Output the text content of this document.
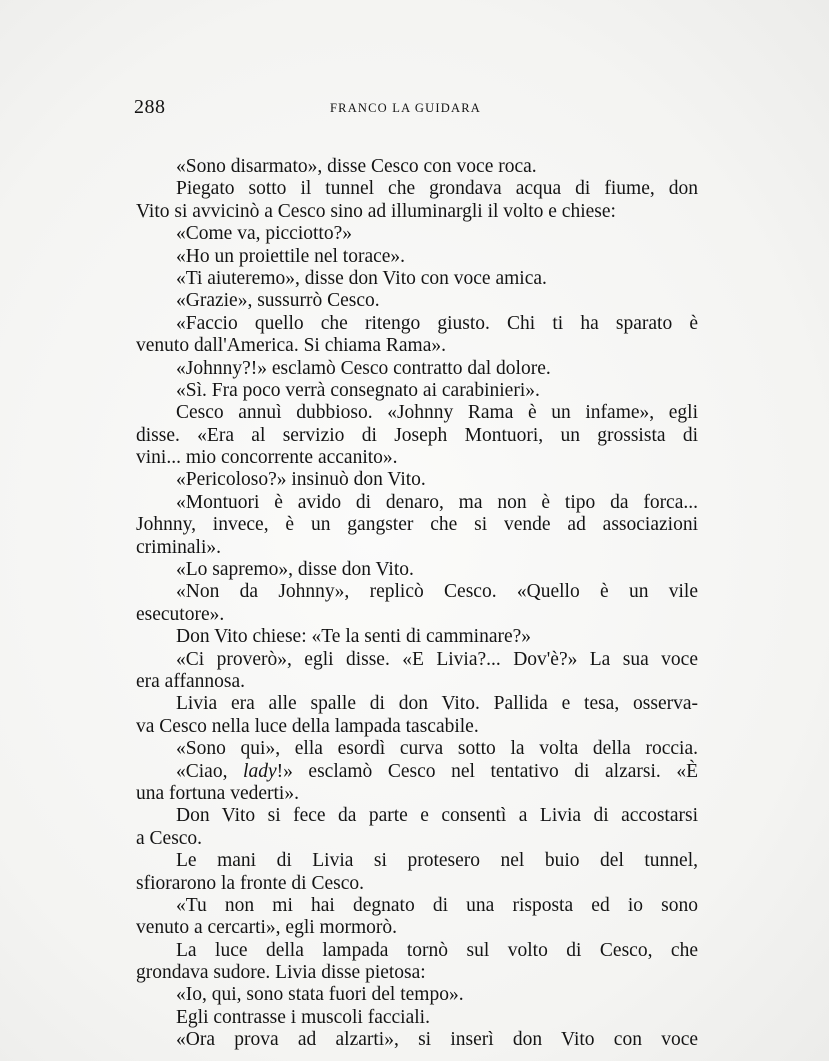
288	FRANCO LA GUIDARA
«Sono disarmato», disse Cesco con voce roca.
Piegato sotto il tunnel che grondava acqua di fiume, don
Vito si avvicinò a Cesco sino ad illuminargli il volto e chiese:
«Come va, picciotto?»
«Ho un proiettile nel torace».
«Ti aiuteremo», disse don Vito con voce amica.
«Grazie», sussurrò Cesco.
«Faccio quello che ritengo giusto. Chi ti ha sparato è
venuto dall'America. Si chiama Rama».
«Johnny?!» esclamò Cesco contratto dal dolore.
«Sì. Fra poco verrà consegnato ai carabinieri».
Cesco annuì dubbioso. «Johnny Rama è un infame», egli
disse. «Era al servizio di Joseph Montuori, un grossista di
vini... mio concorrente accanito».
«Pericoloso?» insinuò don Vito.
«Montuori è avido di denaro, ma non è tipo da forca...
Johnny, invece, è un gangster che si vende ad associazioni
criminali».
«Lo sapremo», disse don Vito.
«Non da Johnny», replicò Cesco. «Quello è un vile
esecutore».
Don Vito chiese: «Te la senti di camminare?»
«Ci proverò», egli disse. «E Livia?... Dov'è?» La sua voce
era affannosa.
Livia era alle spalle di don Vito. Pallida e tesa, osserva-
va Cesco nella luce della lampada tascabile.
«Sono qui», ella esordì curva sotto la volta della roccia.
«Ciao, lady!» esclamò Cesco nel tentativo di alzarsi. «È
una fortuna vederti».
Don Vito si fece da parte e consentì a Livia di accostarsi
a Cesco.
Le mani di Livia si protesero nel buio del tunnel,
sfiorarono la fronte di Cesco.
«Tu non mi hai degnato di una risposta ed io sono
venuto a cercarti», egli mormorò.
La luce della lampada tornò sul volto di Cesco, che
grondava sudore. Livia disse pietosa:
«Io, qui, sono stata fuori del tempo».
Egli contrasse i muscoli facciali.
«Ora prova ad alzarti», si inserì don Vito con voce
